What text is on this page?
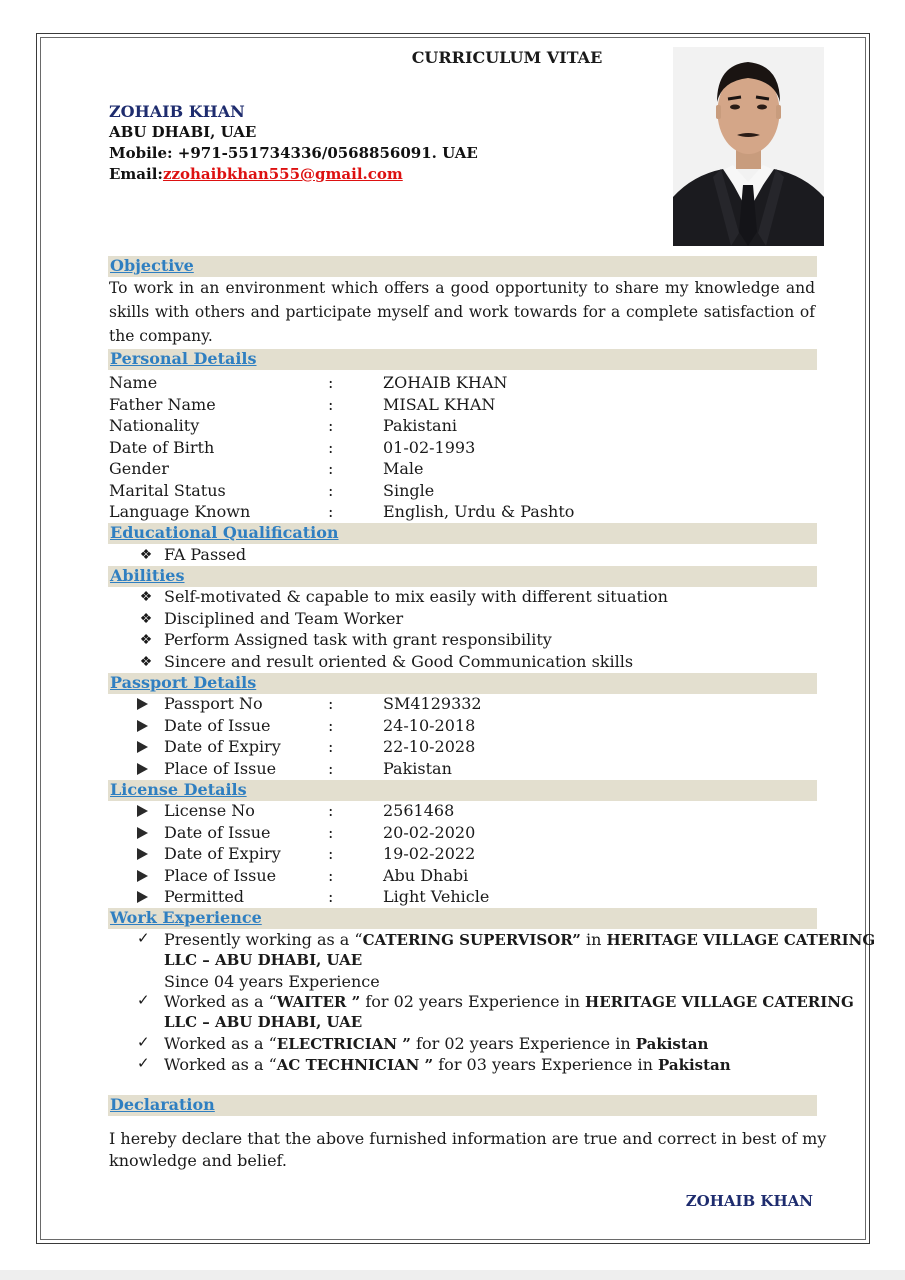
CURRICULUM VITAE
ZOHAIB KHAN
ABU DHABI, UAE
Mobile: +971-551734336/0568856091. UAE
Email:zzohaibkhan555@gmail.com
Objective
To work in an environment which offers a good opportunity to share my knowledge and skills with others and participate myself and work towards for a complete satisfaction of the company.
Personal Details
Name	:	ZOHAIB KHAN
Father Name	:	MISAL KHAN
Nationality	:	Pakistani
Date of Birth	:	01-02-1993
Gender	:	Male
Marital Status	:	Single
Language Known	:	English, Urdu & Pashto
Educational Qualification
❖ FA Passed
Abilities
❖ Self-motivated & capable to mix easily with different situation
❖ Disciplined and Team Worker
❖ Perform Assigned task with grant responsibility
❖ Sincere and result oriented & Good Communication skills
Passport Details
Passport No	:	SM4129332
Date of Issue	:	24-10-2018
Date of Expiry	:	22-10-2028
Place of Issue	:	Pakistan
License Details
License No	:	2561468
Date of Issue	:	20-02-2020
Date of Expiry	:	19-02-2022
Place of Issue	:	Abu Dhabi
Permitted	:	Light Vehicle
Work Experience
✓ Presently working as a “CATERING SUPERVISOR” in HERITAGE VILLAGE CATERING
LLC – ABU DHABI, UAE
Since 04 years Experience
✓ Worked as a “WAITER ” for 02 years Experience in HERITAGE VILLAGE CATERING
LLC – ABU DHABI, UAE
✓ Worked as a “ELECTRICIAN ” for 02 years Experience in Pakistan
✓ Worked as a “AC TECHNICIAN ” for 03 years Experience in Pakistan
Declaration
I hereby declare that the above furnished information are true and correct in best of my
knowledge and belief.
ZOHAIB KHAN
